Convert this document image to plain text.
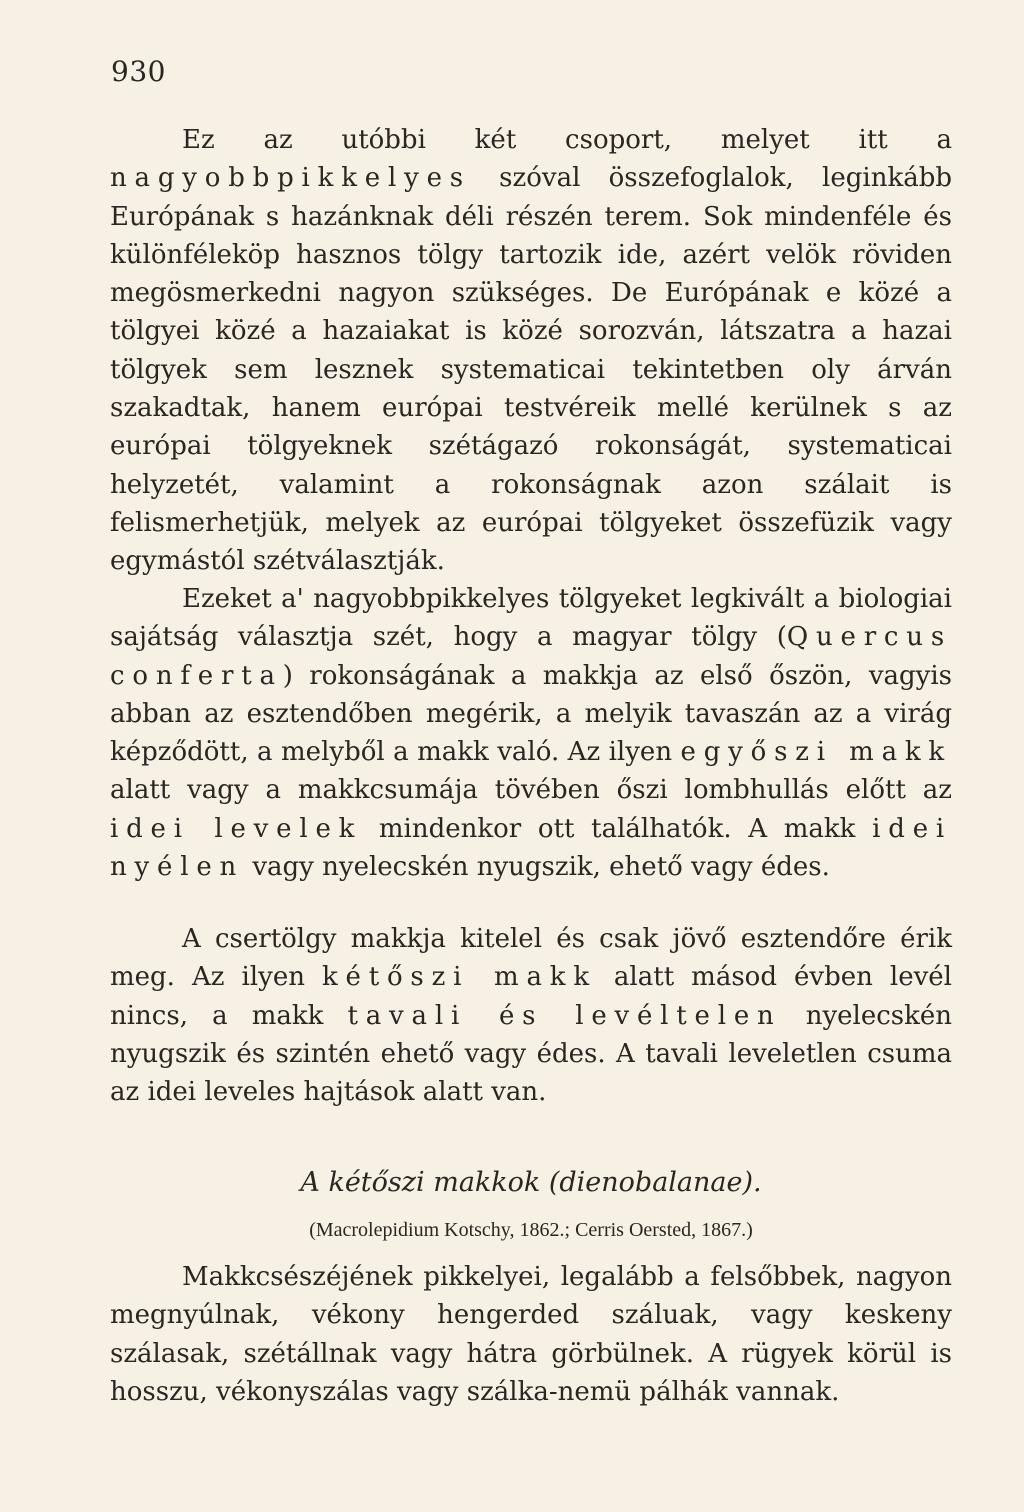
930

Ez az utóbbi két csoport, melyet itt a nagyobbpikkelyes szóval összefoglalok, leginkább Európának s hazánknak déli részén terem. Sok mindenféle és különféleköp hasznos tölgy tartozik ide, azért velök röviden megösmerkedni nagyon szükséges. De Európának e közé a tölgyei közé a hazaiakat is közé sorozván, látszatra a hazai tölgyek sem lesznek systematicai tekintetben oly árván szakadtak, hanem európai testvéreik mellé kerülnek s az európai tölgyeknek szétágazó rokonságát, systematicai helyzetét, valamint a rokonságnak azon szálait is felismerhetjük, melyek az európai tölgyeket összefüzik vagy egymástól szétválasztják.

Ezeket a' nagyobbpikkelyes tölgyeket legkivált a biologiai sajátság választja szét, hogy a magyar tölgy (Quercus conferta) rokonságának a makkja az első őszön, vagyis abban az esztendőben megérik, a melyik tavaszán az a virág képződött, a melyből a makk való. Az ilyen egyőszi makk alatt vagy a makkcsumája tövében őszi lombhullás előtt az idei levelek mindenkor ott találhatók. A makk idei nyélen vagy nyelecskén nyugszik, ehető vagy édes.

A csertölgy makkja kitelel és csak jövő esztendőre érik meg. Az ilyen kétőszi makk alatt másod évben levél nincs, a makk tavali és levéltelen nyelecskén nyugszik és szintén ehető vagy édes. A tavali leveletlen csuma az idei leveles hajtások alatt van.

A kétőszi makkok (dienobalanae).
(Macrolepidium Kotschy, 1862.; Cerris Oersted, 1867.)

Makkcsészéjének pikkelyei, legalább a felsőbbek, nagyon megnyúlnak, vékony hengerded száluak, vagy keskeny szálasak, szétállnak vagy hátra görbülnek. A rügyek körül is hosszu, vékonyszálas vagy szálka-nemü pálhák vannak.
